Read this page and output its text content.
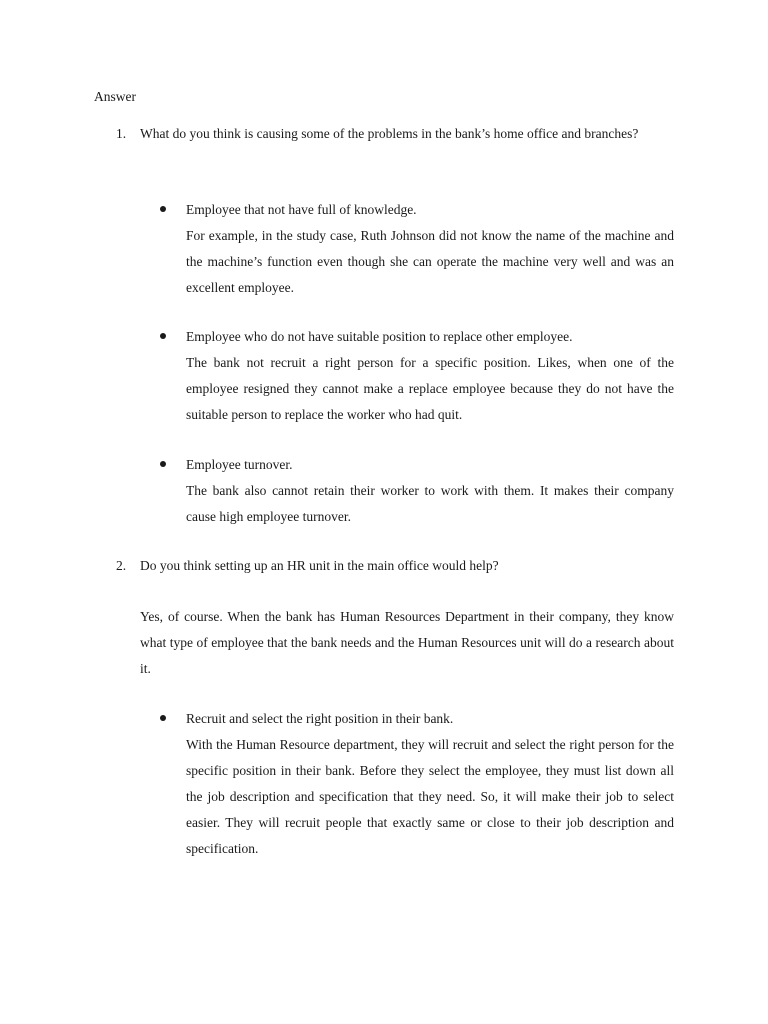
Answer
1. What do you think is causing some of the problems in the bank’s home office and branches?
Employee that not have full of knowledge.
For example, in the study case, Ruth Johnson did not know the name of the machine and the machine’s function even though she can operate the machine very well and was an excellent employee.
Employee who do not have suitable position to replace other employee.
The bank not recruit a right person for a specific position. Likes, when one of the employee resigned they cannot make a replace employee because they do not have the suitable person to replace the worker who had quit.
Employee turnover.
The bank also cannot retain their worker to work with them. It makes their company cause high employee turnover.
2. Do you think setting up an HR unit in the main office would help?
Yes, of course. When the bank has Human Resources Department in their company, they know what type of employee that the bank needs and the Human Resources unit will do a research about it.
Recruit and select the right position in their bank.
With the Human Resource department, they will recruit and select the right person for the specific position in their bank. Before they select the employee, they must list down all the job description and specification that they need. So, it will make their job to select easier. They will recruit people that exactly same or close to their job description and specification.
